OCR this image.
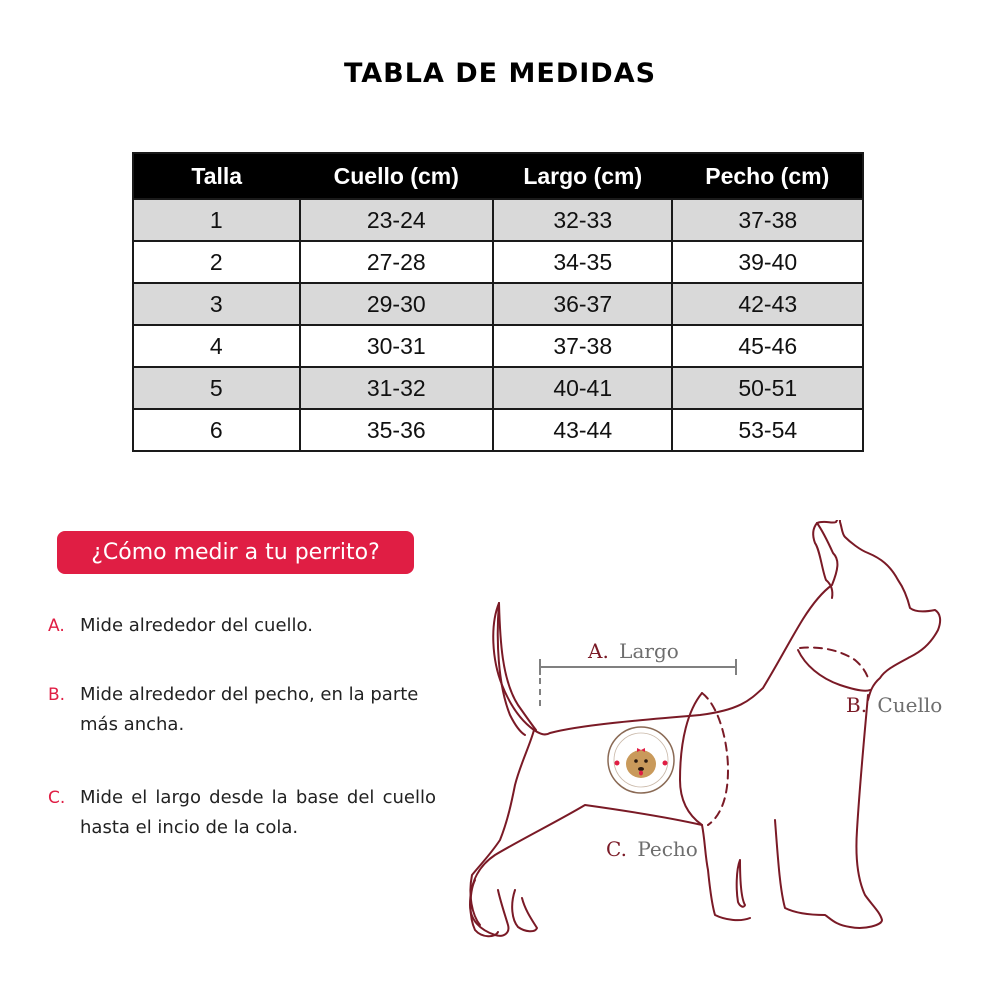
TABLA DE MEDIDAS
Talla	Cuello (cm)	Largo (cm)	Pecho (cm)
1	23-24	32-33	37-38
2	27-28	34-35	39-40
3	29-30	36-37	42-43
4	30-31	37-38	45-46
5	31-32	40-41	50-51
6	35-36	43-44	53-54
¿Cómo medir a tu perrito?
A. Mide alrededor del cuello.
B. Mide alrededor del pecho, en la parte más ancha.
C. Mide el largo desde la base del cuello hasta el incio de la cola.
A. Largo
B. Cuello
C. Pecho
